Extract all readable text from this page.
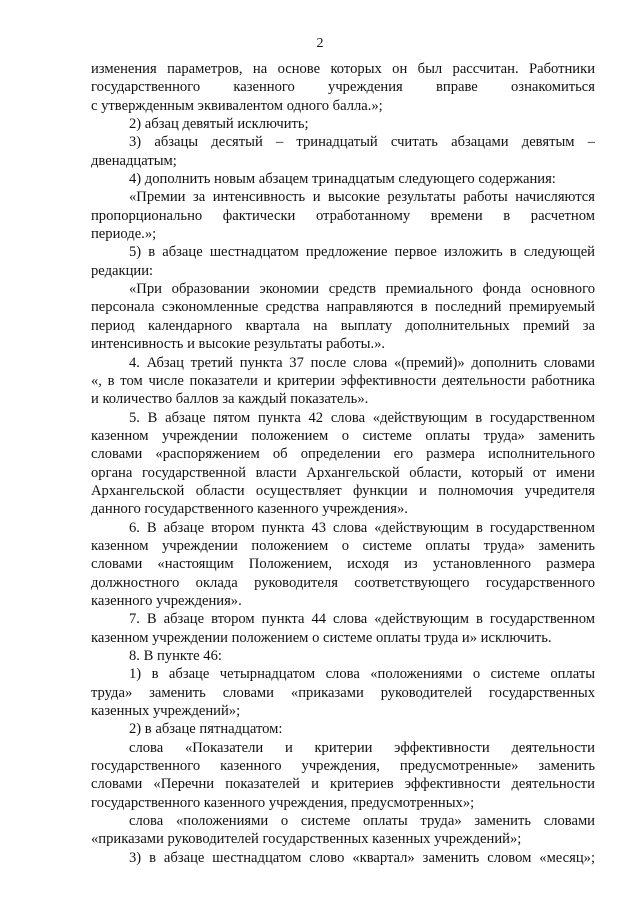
2
изменения параметров, на основе которых он был рассчитан. Работники
государственного казенного учреждения вправе ознакомиться
с утвержденным эквивалентом одного балла.»;
2) абзац девятый исключить;
3) абзацы десятый – тринадцатый считать абзацами девятым –
двенадцатым;
4) дополнить новым абзацем тринадцатым следующего содержания:
«Премии за интенсивность и высокие результаты работы начисляются
пропорционально фактически отработанному времени в расчетном
периоде.»;
5) в абзаце шестнадцатом предложение первое изложить в следующей
редакции:
«При образовании экономии средств премиального фонда основного
персонала сэкономленные средства направляются в последний премируемый
период календарного квартала на выплату дополнительных премий за
интенсивность и высокие результаты работы.».
4. Абзац третий пункта 37 после слова «(премий)» дополнить словами
«, в том числе показатели и критерии эффективности деятельности работника
и количество баллов за каждый показатель».
5. В абзаце пятом пункта 42 слова «действующим в государственном
казенном учреждении положением о системе оплаты труда» заменить
словами «распоряжением об определении его размера исполнительного
органа государственной власти Архангельской области, который от имени
Архангельской области осуществляет функции и полномочия учредителя
данного государственного казенного учреждения».
6. В абзаце втором пункта 43 слова «действующим в государственном
казенном учреждении положением о системе оплаты труда» заменить
словами «настоящим Положением, исходя из установленного размера
должностного оклада руководителя соответствующего государственного
казенного учреждения».
7. В абзаце втором пункта 44 слова «действующим в государственном
казенном учреждении положением о системе оплаты труда и» исключить.
8. В пункте 46:
1) в абзаце четырнадцатом слова «положениями о системе оплаты
труда» заменить словами «приказами руководителей государственных
казенных учреждений»;
2) в абзаце пятнадцатом:
слова «Показатели и критерии эффективности деятельности
государственного казенного учреждения, предусмотренные» заменить
словами «Перечни показателей и критериев эффективности деятельности
государственного казенного учреждения, предусмотренных»;
слова «положениями о системе оплаты труда» заменить словами
«приказами руководителей государственных казенных учреждений»;
3) в абзаце шестнадцатом слово «квартал» заменить словом «месяц»;
